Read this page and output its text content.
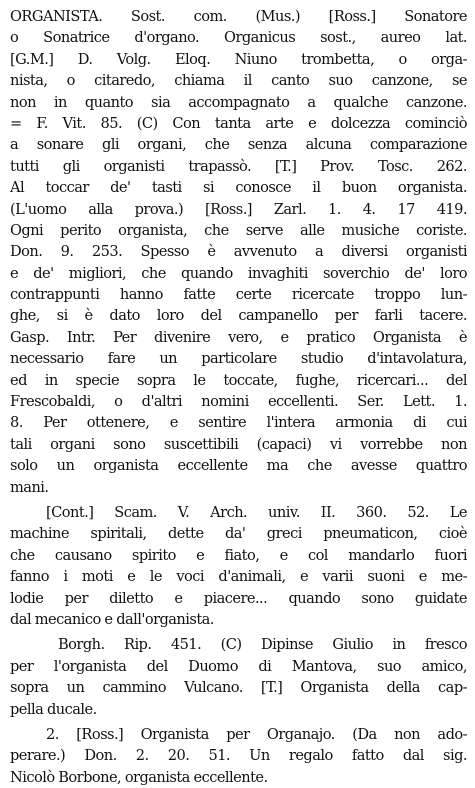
ORGANISTA. Sost. com. (Mus.) [Ross.] Sonatore
o Sonatrice d'organo. Organicus sost., aureo lat.
[G.M.] D. Volg. Eloq. Niuno trombetta, o orga-
nista, o citaredo, chiama il canto suo canzone, se
non in quanto sia accompagnato a qualche canzone.
= F. Vit. 85. (C) Con tanta arte e dolcezza cominciò
a sonare gli organi, che senza alcuna comparazione
tutti gli organisti trapassò. [T.] Prov. Tosc. 262.
Al toccar de' tasti si conosce il buon organista.
(L'uomo alla prova.) [Ross.] Zarl. 1. 4. 17 419.
Ogni perito organista, che serve alle musiche coriste.
Don. 9. 253. Spesso è avvenuto a diversi organisti
e de' migliori, che quando invaghiti soverchio de' loro
contrappunti hanno fatte certe ricercate troppo lun-
ghe, si è dato loro del campanello per farli tacere.
Gasp. Intr. Per divenire vero, e pratico Organista è
necessario fare un particolare studio d'intavolatura,
ed in specie sopra le toccate, fughe, ricercari... del
Frescobaldi, o d'altri nomini eccellenti. Ser. Lett. 1.
8. Per ottenere, e sentire l'intera armonia di cui
tali organi sono suscettibili (capaci) vi vorrebbe non
solo un organista eccellente ma che avesse quattro
mani.
[Cont.] Scam. V. Arch. univ. II. 360. 52. Le
machine spiritali, dette da' greci pneumaticon, cioè
che causano spirito e fiato, e col mandarlo fuori
fanno i moti e le voci d'animali, e varii suoni e me-
lodie per diletto e piacere... quando sono guidate
dal mecanico e dall'organista.
Borgh. Rip. 451. (C) Dipinse Giulio in fresco
per l'organista del Duomo di Mantova, suo amico,
sopra un cammino Vulcano. [T.] Organista della cap-
pella ducale.
2. [Ross.] Organista per Organajo. (Da non ado-
perare.) Don. 2. 20. 51. Un regalo fatto dal sig.
Nicolò Borbone, organista eccellente.
